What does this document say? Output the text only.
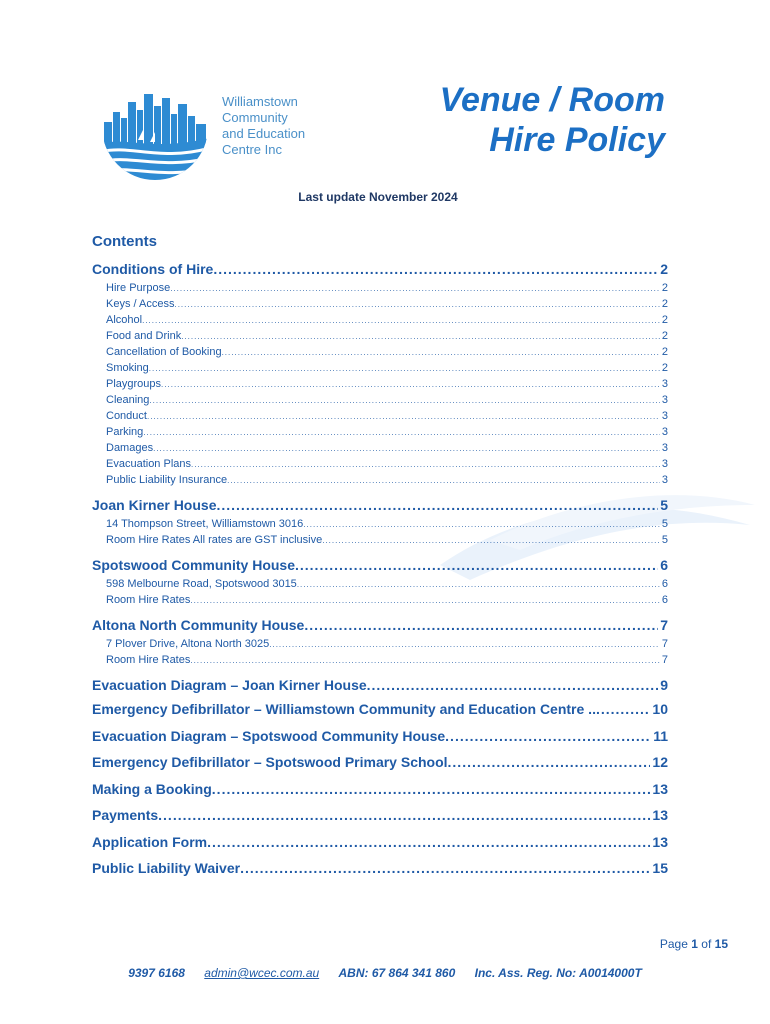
Williamstown
Community
and Education
Centre Inc
Venue / Room
Hire Policy
Last update November 2024
Contents
Conditions of Hire .....	2
Hire Purpose .....	2
Keys / Access .....	2
Alcohol .....	2
Food and Drink .....	2
Cancellation of Booking .....	2
Smoking .....	2
Playgroups .....	3
Cleaning .....	3
Conduct .....	3
Parking .....	3
Damages .....	3
Evacuation Plans .....	3
Public Liability Insurance .....	3
Joan Kirner House .....	5
14 Thompson Street, Williamstown 3016 .....	5
Room Hire Rates All rates are GST inclusive .....	5
Spotswood Community House .....	6
598 Melbourne Road, Spotswood 3015 .....	6
Room Hire Rates .....	6
Altona North Community House .....	7
7 Plover Drive, Altona North 3025 .....	7
Room Hire Rates .....	7
Evacuation Diagram – Joan Kirner House .....	9
Emergency Defibrillator – Williamstown Community and Education Centre .. .....	10
Evacuation Diagram – Spotswood Community House .....	11
Emergency Defibrillator – Spotswood Primary School .....	12
Making a Booking .....	13
Payments .....	13
Application Form .....	13
Public Liability Waiver .....	15
Page 1 of 15
9397 6168 admin@wcec.com.au ABN: 67 864 341 860 Inc. Ass. Reg. No: A0014000T
